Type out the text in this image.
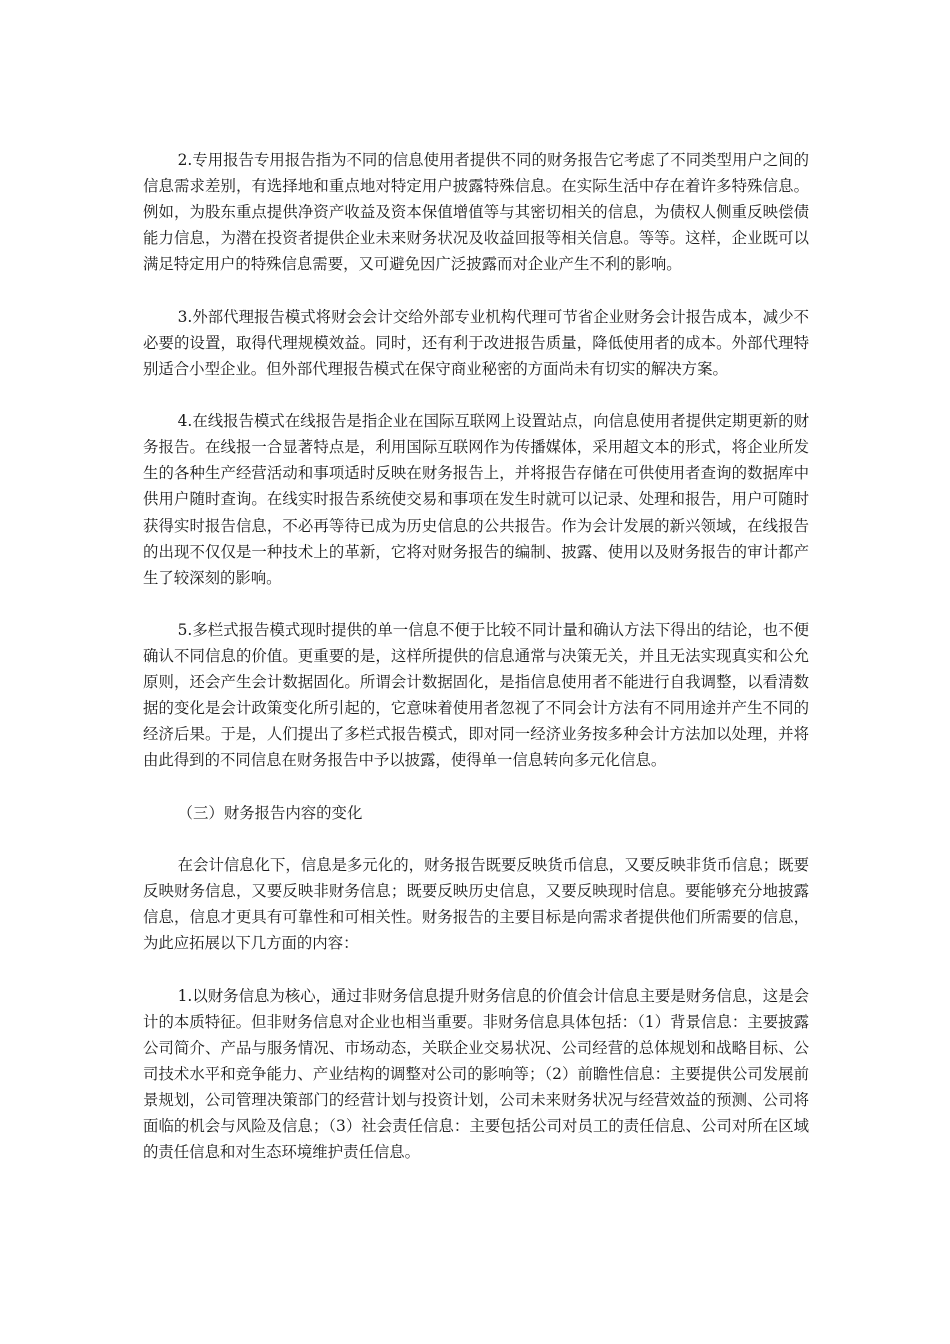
2.专用报告专用报告指为不同的信息使用者提供不同的财务报告它考虑了不同类型用户之间的信息需求差别，有选择地和重点地对特定用户披露特殊信息。在实际生活中存在着许多特殊信息。例如，为股东重点提供净资产收益及资本保值增值等与其密切相关的信息，为债权人侧重反映偿债能力信息，为潜在投资者提供企业未来财务状况及收益回报等相关信息。等等。这样，企业既可以满足特定用户的特殊信息需要，又可避免因广泛披露而对企业产生不利的影响。

3.外部代理报告模式将财会会计交给外部专业机构代理可节省企业财务会计报告成本，减少不必要的设置，取得代理规模效益。同时，还有利于改进报告质量，降低使用者的成本。外部代理特别适合小型企业。但外部代理报告模式在保守商业秘密的方面尚未有切实的解决方案。

4.在线报告模式在线报告是指企业在国际互联网上设置站点，向信息使用者提供定期更新的财务报告。在线报一合显著特点是，利用国际互联网作为传播媒体，采用超文本的形式，将企业所发生的各种生产经营活动和事项适时反映在财务报告上，并将报告存储在可供使用者查询的数据库中供用户随时查询。在线实时报告系统使交易和事项在发生时就可以记录、处理和报告，用户可随时获得实时报告信息，不必再等待已成为历史信息的公共报告。作为会计发展的新兴领域，在线报告的出现不仅仅是一种技术上的革新，它将对财务报告的编制、披露、使用以及财务报告的审计都产生了较深刻的影响。

5.多栏式报告模式现时提供的单一信息不便于比较不同计量和确认方法下得出的结论，也不便确认不同信息的价值。更重要的是，这样所提供的信息通常与决策无关，并且无法实现真实和公允原则，还会产生会计数据固化。所谓会计数据固化，是指信息使用者不能进行自我调整，以看清数据的变化是会计政策变化所引起的，它意味着使用者忽视了不同会计方法有不同用途并产生不同的经济后果。于是，人们提出了多栏式报告模式，即对同一经济业务按多种会计方法加以处理，并将由此得到的不同信息在财务报告中予以披露，使得单一信息转向多元化信息。

（三）财务报告内容的变化

在会计信息化下，信息是多元化的，财务报告既要反映货币信息，又要反映非货币信息；既要反映财务信息，又要反映非财务信息；既要反映历史信息，又要反映现时信息。要能够充分地披露信息，信息才更具有可靠性和可相关性。财务报告的主要目标是向需求者提供他们所需要的信息，为此应拓展以下几方面的内容：

1.以财务信息为核心，通过非财务信息提升财务信息的价值会计信息主要是财务信息，这是会计的本质特征。但非财务信息对企业也相当重要。非财务信息具体包括：（1）背景信息：主要披露公司简介、产品与服务情况、市场动态，关联企业交易状况、公司经营的总体规划和战略目标、公司技术水平和竞争能力、产业结构的调整对公司的影响等；（2）前瞻性信息：主要提供公司发展前景规划，公司管理决策部门的经营计划与投资计划，公司未来财务状况与经营效益的预测、公司将面临的机会与风险及信息；（3）社会责任信息：主要包括公司对员工的责任信息、公司对所在区域的责任信息和对生态环境维护责任信息。
